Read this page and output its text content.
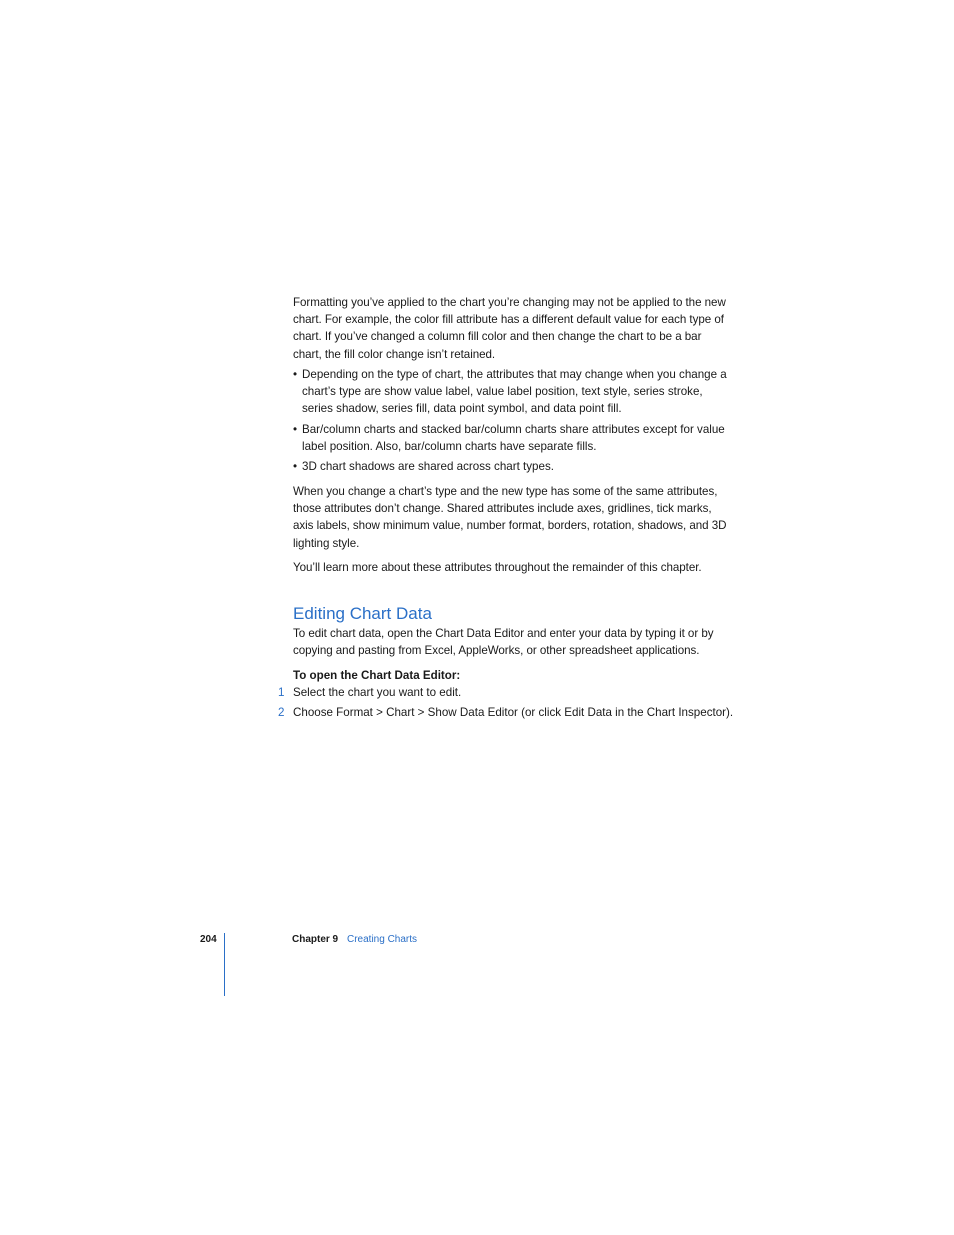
Formatting you’ve applied to the chart you’re changing may not be applied to the new chart. For example, the color fill attribute has a different default value for each type of chart. If you’ve changed a column fill color and then change the chart to be a bar chart, the fill color change isn’t retained.

• Depending on the type of chart, the attributes that may change when you change a chart’s type are show value label, value label position, text style, series stroke, series shadow, series fill, data point symbol, and data point fill.
• Bar/column charts and stacked bar/column charts share attributes except for value label position. Also, bar/column charts have separate fills.
• 3D chart shadows are shared across chart types.

When you change a chart’s type and the new type has some of the same attributes, those attributes don’t change. Shared attributes include axes, gridlines, tick marks, axis labels, show minimum value, number format, borders, rotation, shadows, and 3D lighting style.

You’ll learn more about these attributes throughout the remainder of this chapter.

Editing Chart Data

To edit chart data, open the Chart Data Editor and enter your data by typing it or by copying and pasting from Excel, AppleWorks, or other spreadsheet applications.

To open the Chart Data Editor:
1 Select the chart you want to edit.
2 Choose Format > Chart > Show Data Editor (or click Edit Data in the Chart Inspector).
204	Chapter 9 Creating Charts
